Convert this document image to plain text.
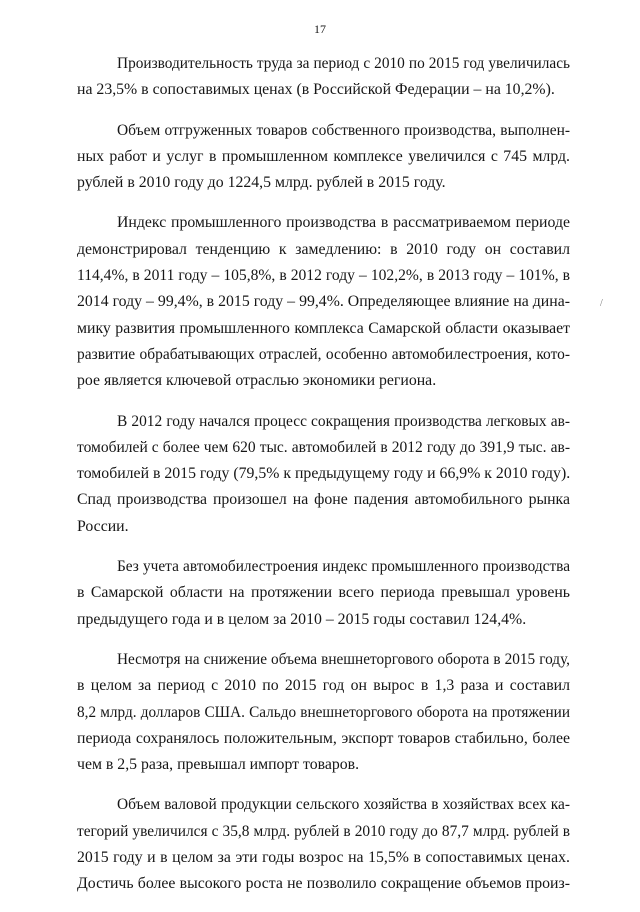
17
/

Производительность труда за период с 2010 по 2015 год увеличилась
на 23,5% в сопоставимых ценах (в Российской Федерации – на 10,2%).

Объем отгруженных товаров собственного производства, выполнен-
ных работ и услуг в промышленном комплексе увеличился с 745 млрд.
рублей в 2010 году до 1224,5 млрд. рублей в 2015 году.

Индекс промышленного производства в рассматриваемом периоде
демонстрировал тенденцию к замедлению: в 2010 году он составил
114,4%, в 2011 году – 105,8%, в 2012 году – 102,2%, в 2013 году – 101%, в
2014 году – 99,4%, в 2015 году – 99,4%. Определяющее влияние на дина-
мику развития промышленного комплекса Самарской области оказывает
развитие обрабатывающих отраслей, особенно автомобилестроения, кото-
рое является ключевой отраслью экономики региона.

В 2012 году начался процесс сокращения производства легковых ав-
томобилей с более чем 620 тыс. автомобилей в 2012 году до 391,9 тыс. ав-
томобилей в 2015 году (79,5% к предыдущему году и 66,9% к 2010 году).
Спад производства произошел на фоне падения автомобильного рынка
России.

Без учета автомобилестроения индекс промышленного производства
в Самарской области на протяжении всего периода превышал уровень
предыдущего года и в целом за 2010 – 2015 годы составил 124,4%.

Несмотря на снижение объема внешнеторгового оборота в 2015 году,
в целом за период с 2010 по 2015 год он вырос в 1,3 раза и составил
8,2 млрд. долларов США. Сальдо внешнеторгового оборота на протяжении
периода сохранялось положительным, экспорт товаров стабильно, более
чем в 2,5 раза, превышал импорт товаров.

Объем валовой продукции сельского хозяйства в хозяйствах всех ка-
тегорий увеличился с 35,8 млрд. рублей в 2010 году до 87,7 млрд. рублей в
2015 году и в целом за эти годы возрос на 15,5% в сопоставимых ценах.
Достичь более высокого роста не позволило сокращение объемов произ-
